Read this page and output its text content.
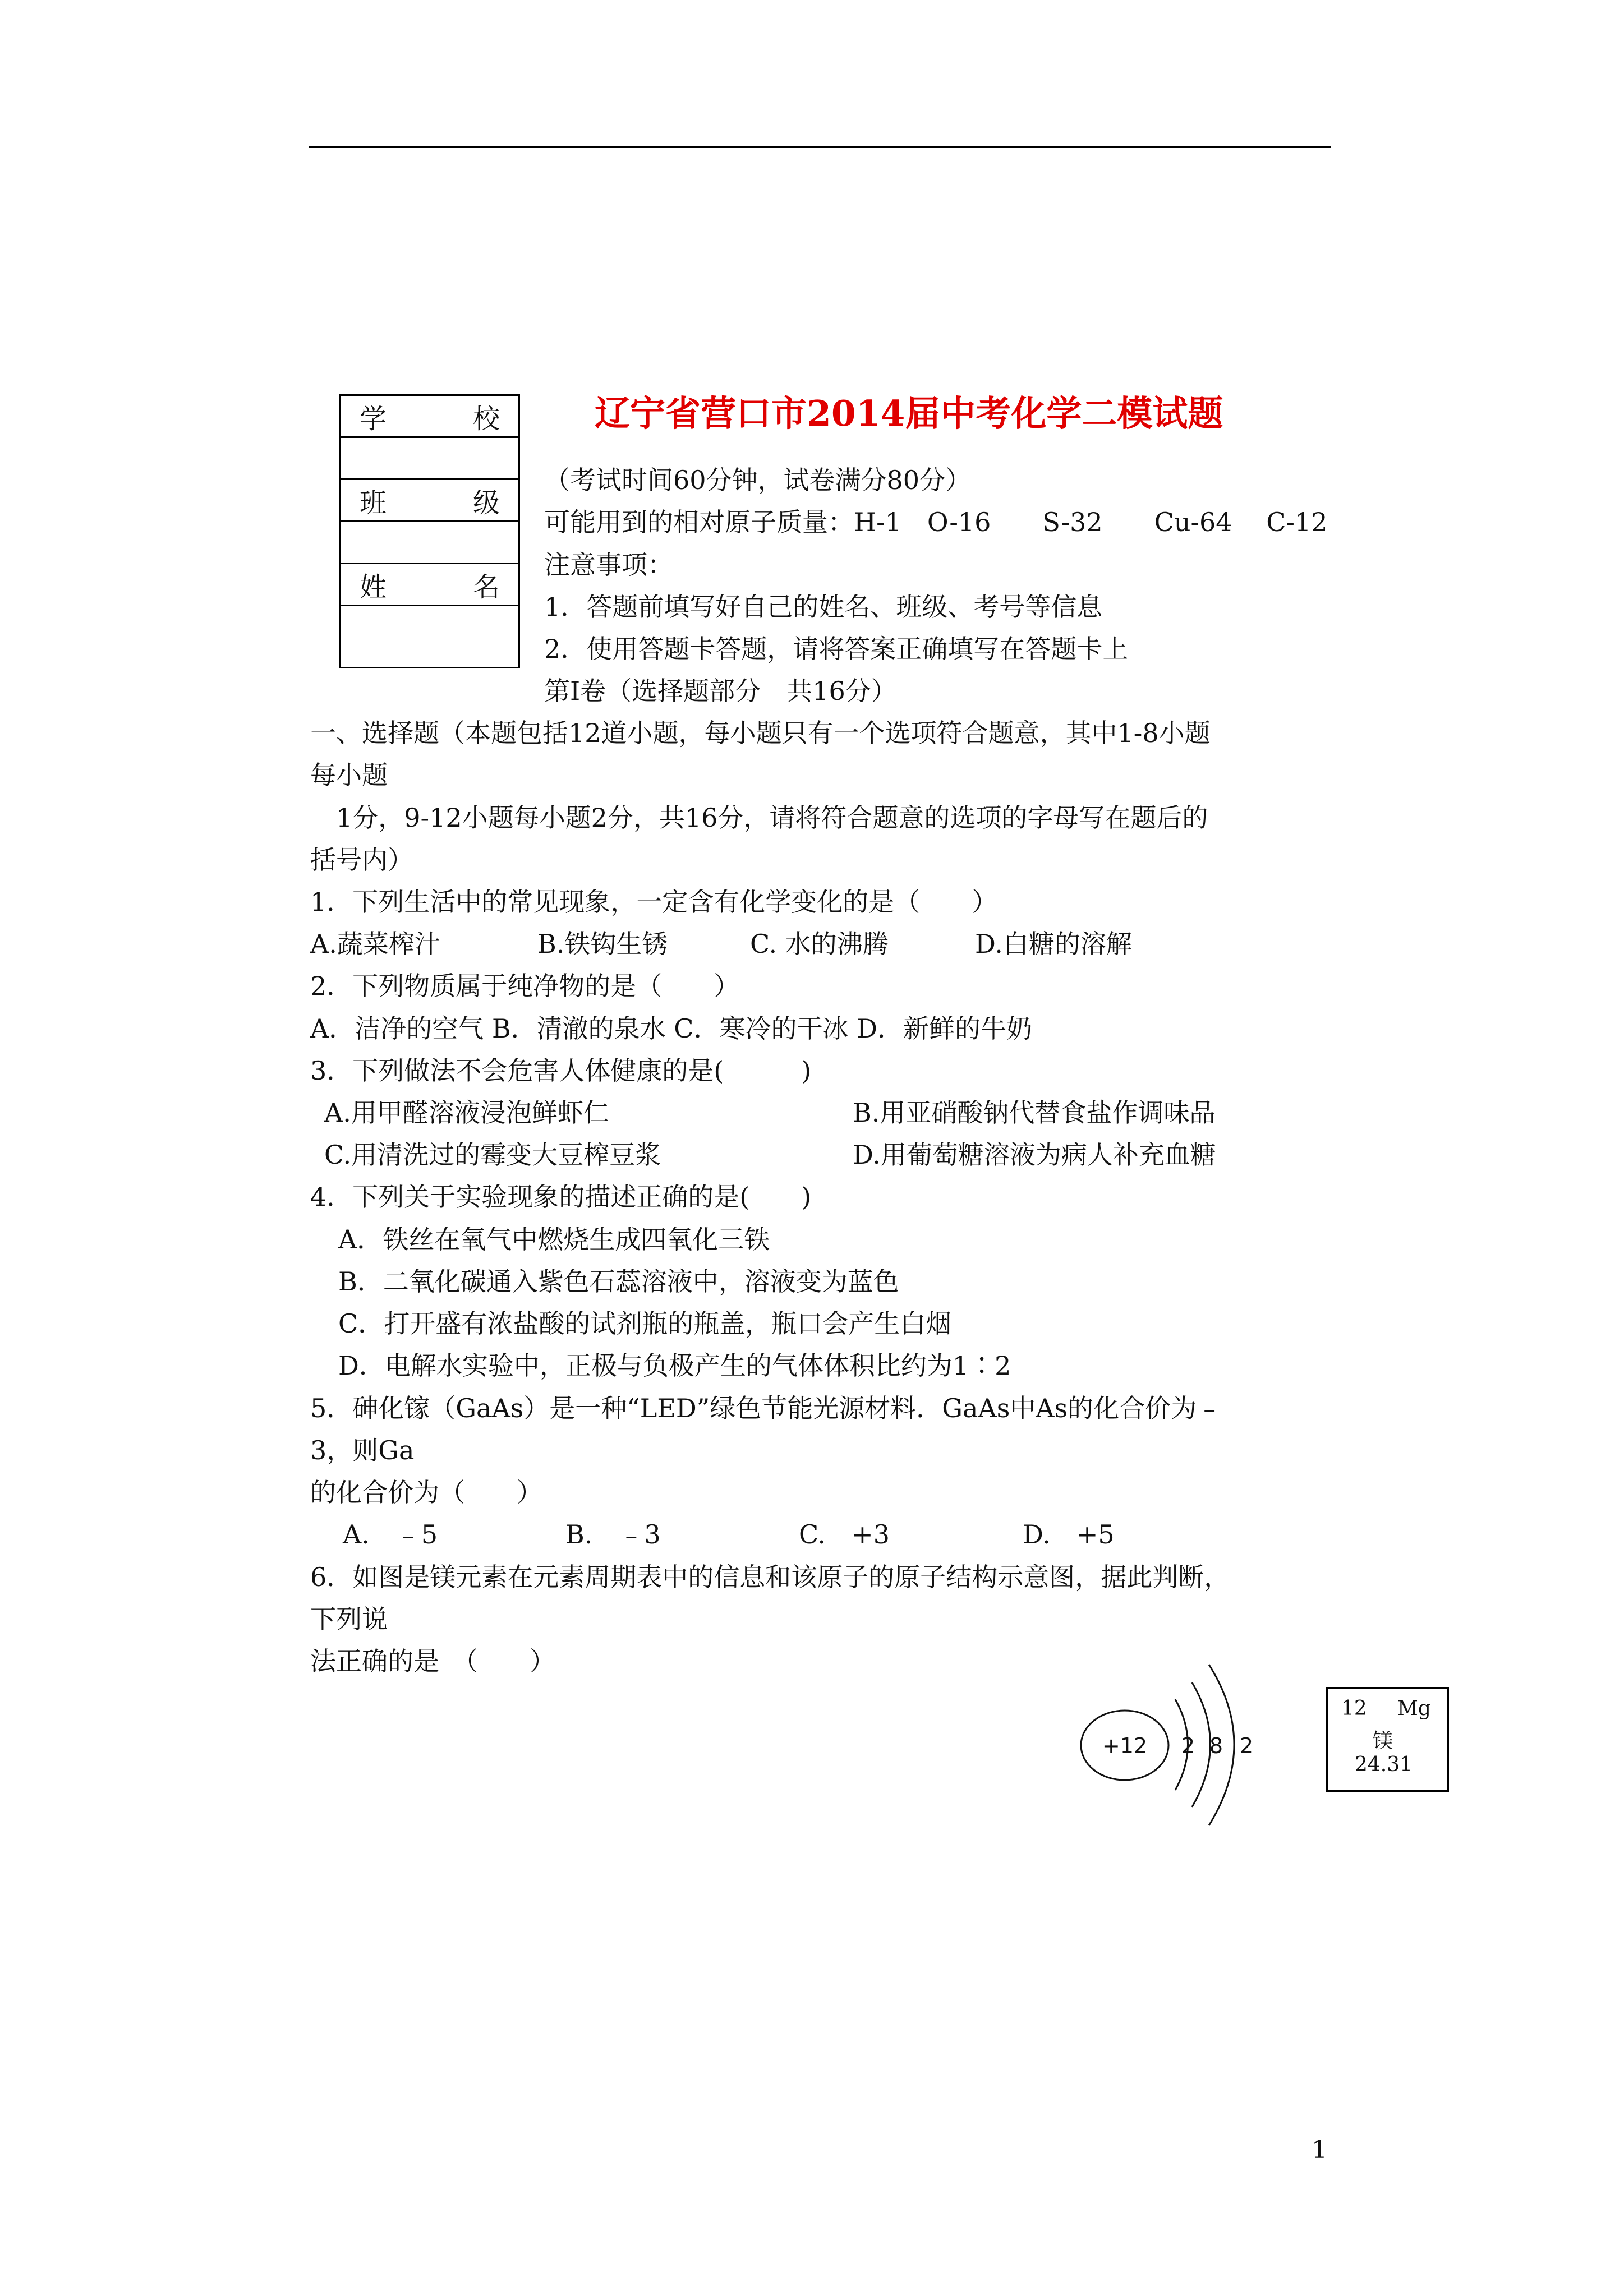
学　　校

班　　级

姓　　名

辽宁省营口市2014届中考化学二模试题
（考试时间60分钟，试卷满分80分）
可能用到的相对原子质量：H-1　O-16　　S-32　　Cu-64　 C-12
注意事项：
1．答题前填写好自己的姓名、班级、考号等信息
2．使用答题卡答题，请将答案正确填写在答题卡上
第I卷（选择题部分　共16分）
一、选择题（本题包括12道小题，每小题只有一个选项符合题意，其中1-8小题
每小题
　1分，9-12小题每小题2分，共16分，请将符合题意的选项的字母写在题后的
括号内）
1．下列生活中的常见现象，一定含有化学变化的是（　　）
A.蔬菜榨汁	B.铁钩生锈	C. 水的沸腾	D.白糖的溶解
2．下列物质属于纯净物的是（　　）
A．洁净的空气 B．清澈的泉水 C．寒冷的干冰 D．新鲜的牛奶
3．下列做法不会危害人体健康的是(　　　)
A.用甲醛溶液浸泡鲜虾仁	B.用亚硝酸钠代替食盐作调味品
C.用清洗过的霉变大豆榨豆浆	D.用葡萄糖溶液为病人补充血糖
4．下列关于实验现象的描述正确的是(　　)
A．铁丝在氧气中燃烧生成四氧化三铁
B．二氧化碳通入紫色石蕊溶液中，溶液变为蓝色
C．打开盛有浓盐酸的试剂瓶的瓶盖，瓶口会产生白烟
D．电解水实验中，正极与负极产生的气体体积比约为1∶2
5．砷化镓（GaAs）是一种“LED”绿色节能光源材料．GaAs中As的化合价为﹣
3，则Ga
的化合价为（　　）
A.　﹣5	B.　﹣3	C.　+3	D.　+5
6．如图是镁元素在元素周期表中的信息和该原子的原子结构示意图，据此判断，
下列说
法正确的是　（　　）
+12 2 8 2
12 Mg
镁
24.31
1
